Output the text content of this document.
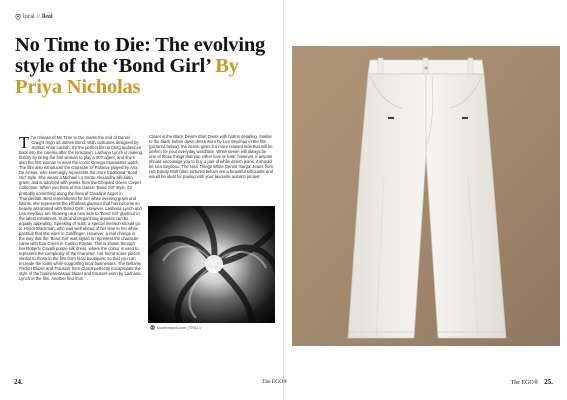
local // lleol
No Time to Die: The evolving style of the ‘Bond Girl’ By Priya Nicholas
T he release of No Time to Die marks the end of Daniel Craig’s reign as James Bond. With costumes designed by Suttirat Anne Larlarb, it’s the perfect film to bring audiences back into the cinema after the lockdown. Lashana Lynch is making history by being the first woman to play a 007 agent, and she’s also the first woman to wear the iconic Omega Seamaster watch. The film also introduces the character of Paloma, played by Ana De Armas, who seemingly represents the more traditional ‘Bond Girl’ style. She wears a Michael Lo Sordo Alexandra silk-satin gown, and is adorned with jewels from the Chopard Green Carpet Collection. When you think of this classic ‘Bond Girl’ style, it’s probably something along the lines of Claudine Auger in Thunderball. Best remembered for her white evening gown and bikinis, she represents the effortless glamour that has become so heavily associated with ‘Bond Girls’. However, Lashana Lynch and Lea Seydoux are showing us a new side to ‘Bond Girl’ glamour in the latest instalment. Suits and elegant day dresses can be equally appealing. Speaking of suits, a special mention should go to Honor Blackman, who was well ahead of her time in her white pantsuit that she wore in Goldfinger. However, a real change in the way that the ‘Bond Girl’ was styled to represent the character came with Eva Green in Casino Royale. This is shown through her Roberto Cavalli purple silk dress, where the colour is used to represent the complexity of the character. I’ve found some pieces similar to those in the film from local boutiques, so that you can recreate the looks while supporting local businesses. The Bellamy Pocket Blazer and Trousers from Closet perfectly encapsulate the style of the business-casual blazer and trousers worn by Lashana Lynch in the film. Another find from

Closet is the Black Denim Shirt Dress with button detailing. Similar to the black button down dress worn by Lea Seydoux in the film (pictured below), the denim gives it a more relaxed look that will be perfect for your everyday wardrobe. White denim will always be one of those things that you either love or hate; however, if anyone should encourage you to buy a pair of white denim jeans, it should be Lea Seydoux. The Nice Things White Denim ‘Sarga’ Jeans from Hot Dandy Wolf (also pictured below) are a beautiful silhouette and would be ideal for pairing with your favourite autumn jumper.

shutterstock.com (TRILL)
24.	The EGO®	The EGO® 25.
